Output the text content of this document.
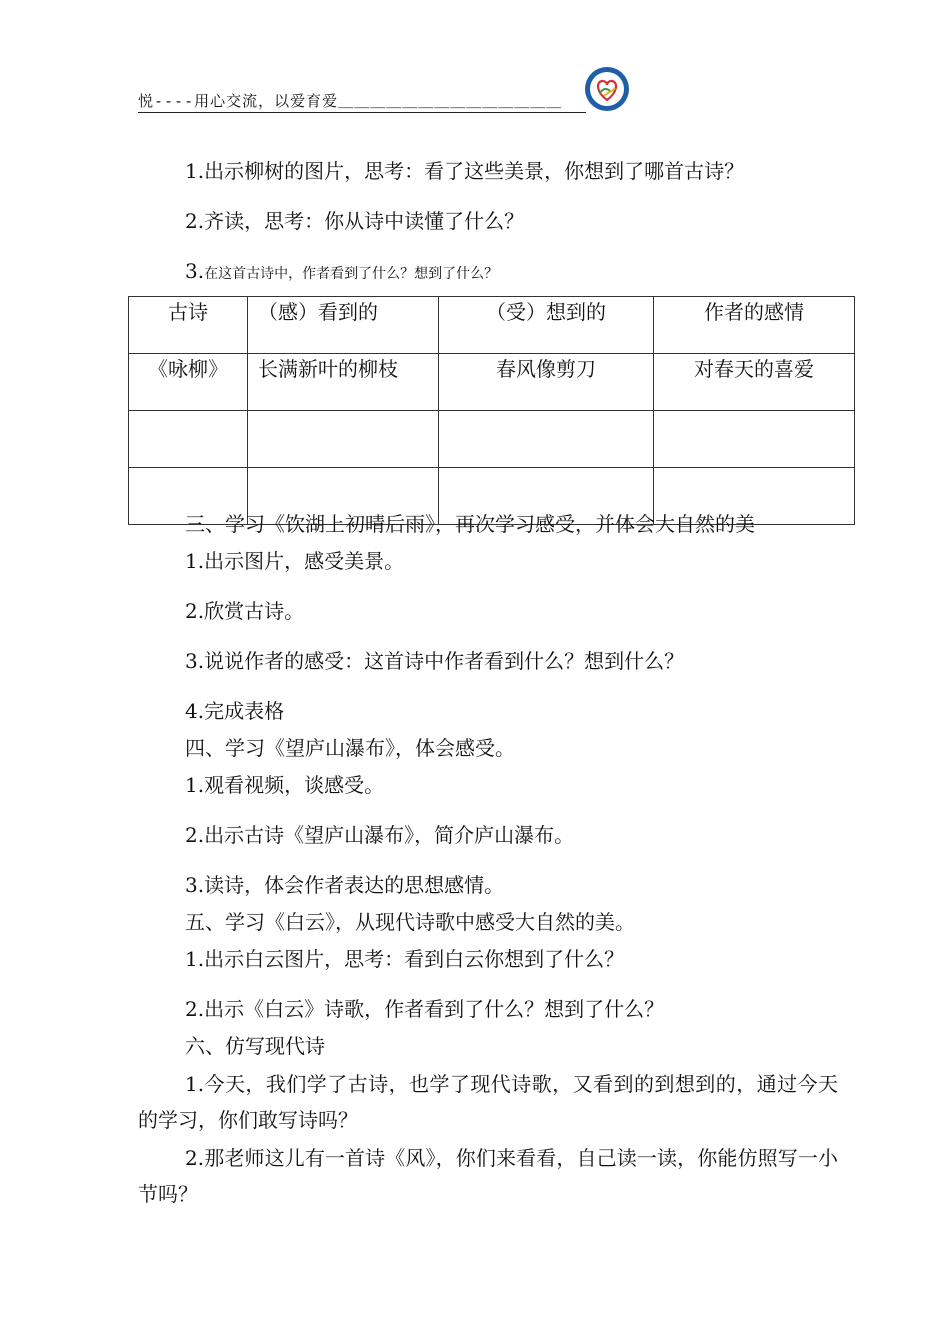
悦----用心交流，以爱育爱＿＿＿＿＿＿＿＿＿＿＿＿＿＿
1.出示柳树的图片，思考：看了这些美景，你想到了哪首古诗？
2.齐读，思考：你从诗中读懂了什么？
3.在这首古诗中，作者看到了什么？想到了什么？
古诗	（感）看到的	（受）想到的	作者的感情
《咏柳》	长满新叶的柳枝	春风像剪刀	对春天的喜爱

三、学习《饮湖上初晴后雨》，再次学习感受，并体会大自然的美
1.出示图片，感受美景。
2.欣赏古诗。
3.说说作者的感受：这首诗中作者看到什么？想到什么？
4.完成表格
四、学习《望庐山瀑布》，体会感受。
1.观看视频，谈感受。
2.出示古诗《望庐山瀑布》，简介庐山瀑布。
3.读诗，体会作者表达的思想感情。
五、学习《白云》，从现代诗歌中感受大自然的美。
1.出示白云图片，思考：看到白云你想到了什么？
2.出示《白云》诗歌，作者看到了什么？想到了什么？
六、仿写现代诗
1.今天，我们学了古诗，也学了现代诗歌，又看到的到想到的，通过今天的学习，你们敢写诗吗？
2.那老师这儿有一首诗《风》，你们来看看，自己读一读，你能仿照写一小节吗？
